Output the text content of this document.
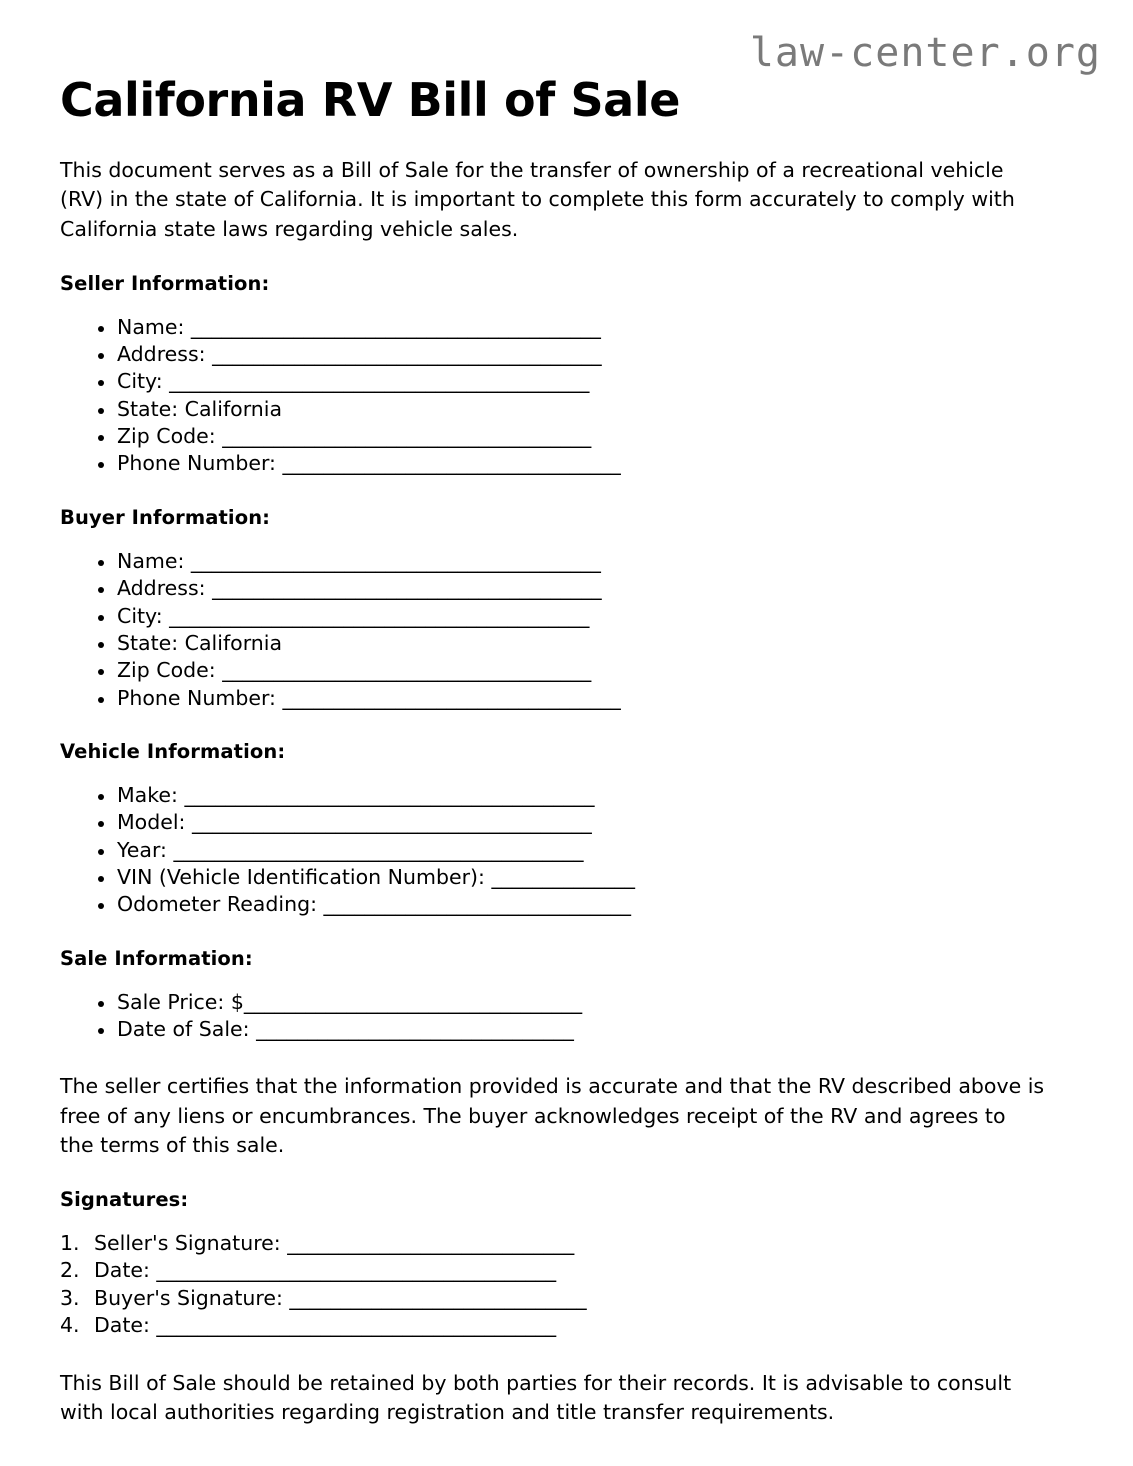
law-center.org
California RV Bill of Sale

This document serves as a Bill of Sale for the transfer of ownership of a recreational vehicle (RV) in the state of California. It is important to complete this form accurately to comply with California state laws regarding vehicle sales.

Seller Information:
Name: ________________________________________
Address: ______________________________________
City: _________________________________________
State: California
Zip Code: ____________________________________
Phone Number: _________________________________
Buyer Information:
Name: ________________________________________
Address: ______________________________________
City: _________________________________________
State: California
Zip Code: ____________________________________
Phone Number: _________________________________
Vehicle Information:
Make: ________________________________________
Model: _______________________________________
Year: ________________________________________
VIN (Vehicle Identification Number): ______________
Odometer Reading: ______________________________
Sale Information:
Sale Price: $_________________________________
Date of Sale: _______________________________

The seller certifies that the information provided is accurate and that the RV described above is free of any liens or encumbrances. The buyer acknowledges receipt of the RV and agrees to the terms of this sale.

Signatures:
Seller's Signature: ____________________________
Date: _______________________________________
Buyer's Signature: _____________________________
Date: _______________________________________

This Bill of Sale should be retained by both parties for their records. It is advisable to consult with local authorities regarding registration and title transfer requirements.
